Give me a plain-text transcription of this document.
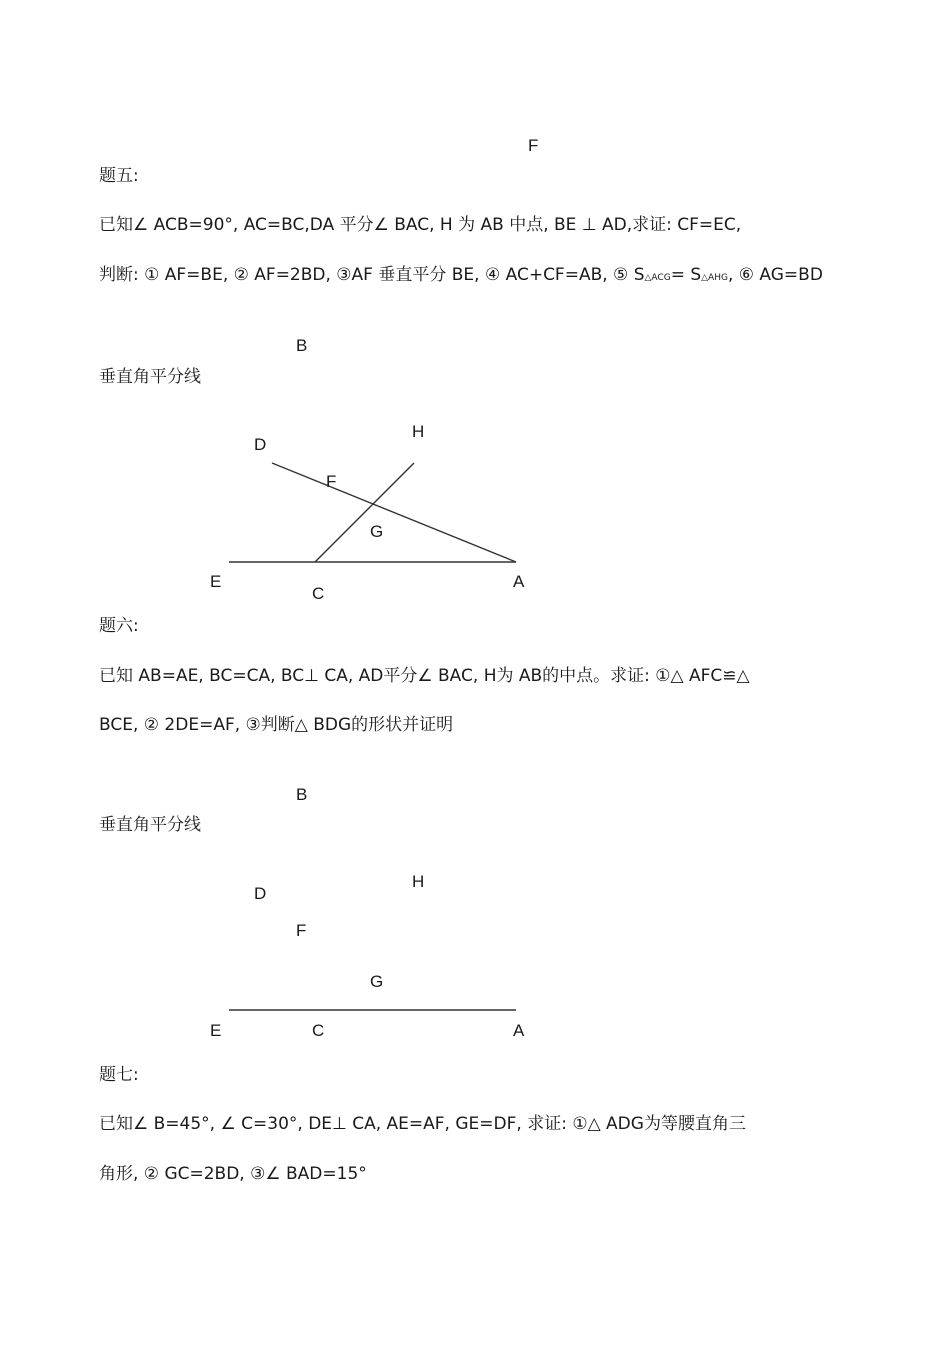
F
题五:
已知∠ ACB=90°, AC=BC,DA 平分∠ BAC, H 为 AB 中点, BE ⊥ AD,求证: CF=EC,
判断: ① AF=BE, ② AF=2BD, ③AF 垂直平分 BE, ④ AC+CF=AB, ⑤ S△ACG= S△AHG, ⑥ AG=BD
B
垂直角平分线
D
H
F
G
E
C
A
题六:
已知 AB=AE, BC=CA, BC⊥ CA, AD平分∠ BAC, H为 AB的中点。求证: ①△ AFC≌△
BCE, ② 2DE=AF, ③判断△ BDG的形状并证明
B
垂直角平分线
D
H
F
G
E	C	A
题七:
已知∠ B=45°, ∠ C=30°, DE⊥ CA, AE=AF, GE=DF, 求证: ①△ ADG为等腰直角三
角形, ② GC=2BD, ③∠ BAD=15°
